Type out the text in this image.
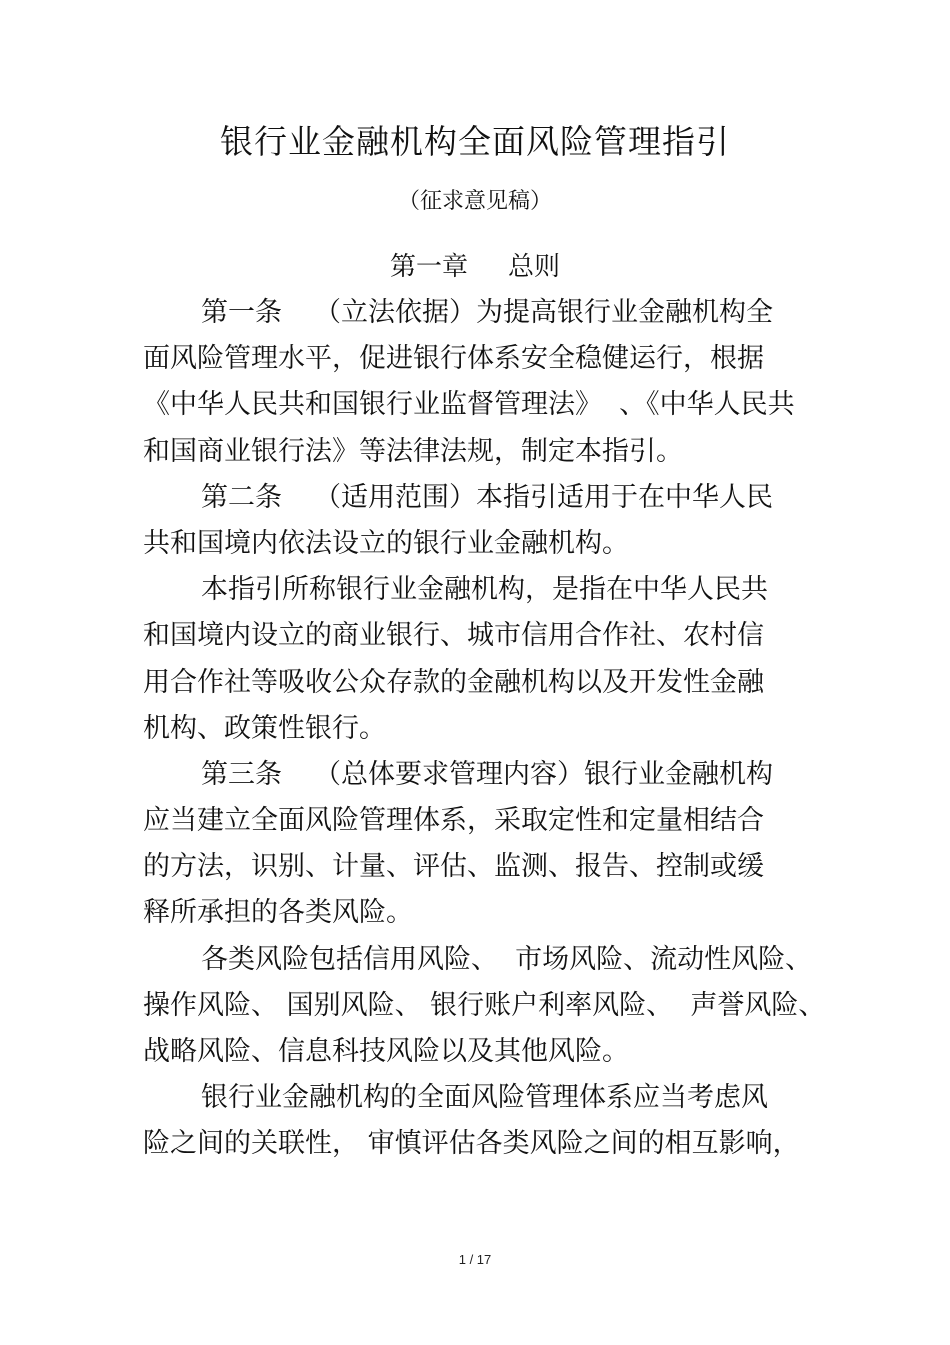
银行业金融机构全面风险管理指引
（征求意见稿）
第一章 总则
第一条 （立法依据）为提高银行业金融机构全
面风险管理水平，促进银行体系安全稳健运行，根据
《中华人民共和国银行业监督管理法》  、《中华人民共
和国商业银行法》等法律法规，制定本指引。
第二条 （适用范围）本指引适用于在中华人民
共和国境内依法设立的银行业金融机构。
本指引所称银行业金融机构，是指在中华人民共
和国境内设立的商业银行、城市信用合作社、农村信
用合作社等吸收公众存款的金融机构以及开发性金融
机构、政策性银行。
第三条 （总体要求管理内容）银行业金融机构
应当建立全面风险管理体系，采取定性和定量相结合
的方法，识别、计量、评估、监测、报告、控制或缓
释所承担的各类风险。
各类风险包括信用风险、  市场风险、流动性风险、
操作风险、 国别风险、 银行账户利率风险、  声誉风险、
战略风险、信息科技风险以及其他风险。
银行业金融机构的全面风险管理体系应当考虑风
险之间的关联性， 审慎评估各类风险之间的相互影响，
1 / 17
